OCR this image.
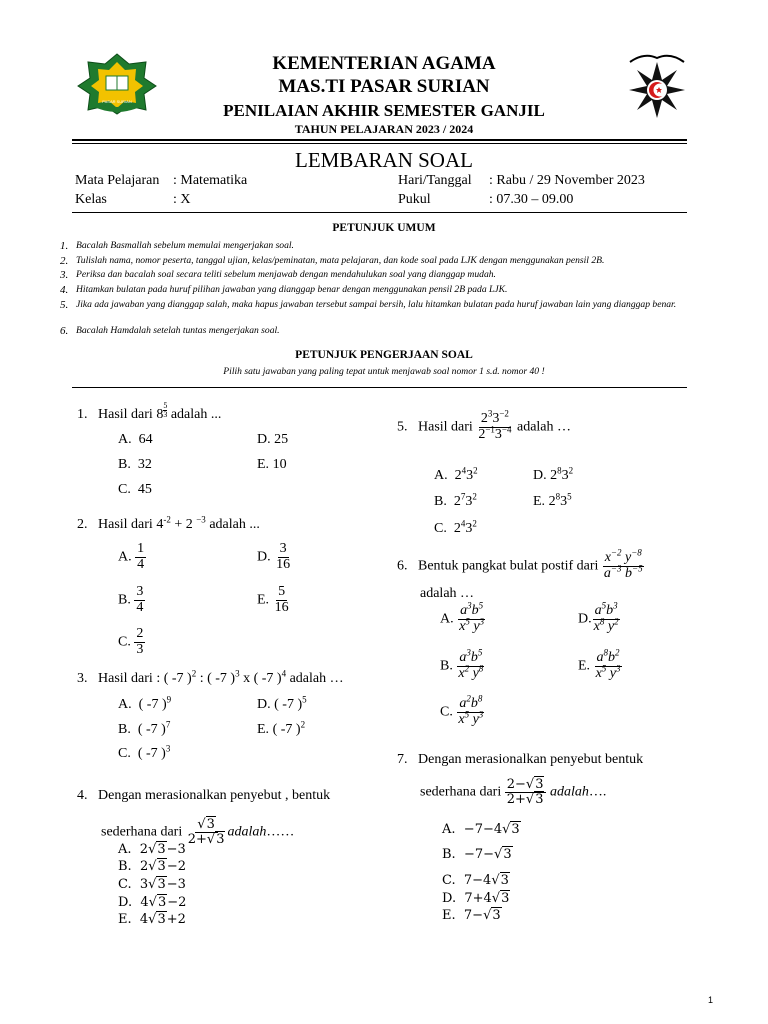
PASAR SURIAN
KEMENTERIAN AGAMA
MAS.TI PASAR SURIAN
PENILAIAN AKHIR SEMESTER GANJIL
TAHUN PELAJARAN 2023 / 2024
LEMBARAN SOAL
Mata Pelajaran : Matematika
Kelas	: X
Hari/Tanggal : Rabu / 29 November 2023
Pukul	: 07.30 – 09.00
PETUNJUK UMUM
1. Bacalah Basmallah sebelum memulai mengerjakan soal.
2. Tulislah nama, nomor peserta, tanggal ujian, kelas/peminatan, mata pelajaran, dan kode soal pada LJK dengan menggunakan pensil 2B.
3. Periksa dan bacalah soal secara teliti sebelum menjawab dengan mendahulukan soal yang dianggap mudah.
4. Hitamkan bulatan pada huruf pilihan jawaban yang dianggap benar dengan menggunakan pensil 2B pada LJK.
5. Jika ada jawaban yang dianggap salah, maka hapus jawaban tersebut sampai bersih, lalu hitamkan bulatan pada huruf jawaban lain yang dianggap benar.
6. Bacalah Hamdalah setelah tuntas mengerjakan soal.
PETUNJUK PENGERJAAN SOAL
Pilih satu jawaban yang paling tepat untuk menjawab soal nomor 1 s.d. nomor 40 !
1. Hasil dari $8 \frac{5}{3}$ adalah ...
A. 64	D. 25
B. 32	E. 10
C. 45
2. Hasil dari $4^{-2} + 2$ $^{-3}$ adalah ...
A. $\frac{1}{4}$	D. $\frac{3}{16}$
B. $\frac{3}{4}$	E. $\frac{5}{16}$
C. $\frac{2}{3}$
3. Hasil dari : ( -7 )$^2$ : ( -7 )$^3$ x ( -7 )$^4$ adalah …
A. ( -7 )$^9$	D. ( -7 )$^5$
B. ( -7 )$^7$	E. ( -7 )$^2$
C. ( -7 )$^3$
4. Dengan merasionalkan penyebut , bentuk
sederhana dari $\frac{√3}{2+√3}$ adalah……
A. 2√3−3
B. 2√3−2
C. 3√3−3
D. 4√3−2
E. 4√3+2
5. Hasil dari $\frac{2^33^{-2}}{2^{-1}3^{-4}}$ adalah …
A.  $2^43^2$	D. $2^83^2$
B.  $2^73^2$	E. $2^83^5$
C.  $2^43^2$
6. Bentuk pangkat bulat postif dari $\frac{x^{-2} y^{-8}}{a^{-3} b^{-5}}$
adalah …
A. $\frac{a^3b^5}{x^5 y^3}$	D. $\frac{a^5b^3}{x^8 y^2}$
B. $\frac{a^3b^5}{x^2 y^8}$	E. $\frac{a^8b^2}{x^5 y^3}$
C. $\frac{a^2b^8}{x^5 y^3}$
7. Dengan merasionalkan penyebut bentuk
sederhana dari $\frac{2-√3}{2+√3}$ adalah….
A. −7−4√3
B. −7−√3
C. 7−4√3
D. 7+4√3
E. 7−√3
1
